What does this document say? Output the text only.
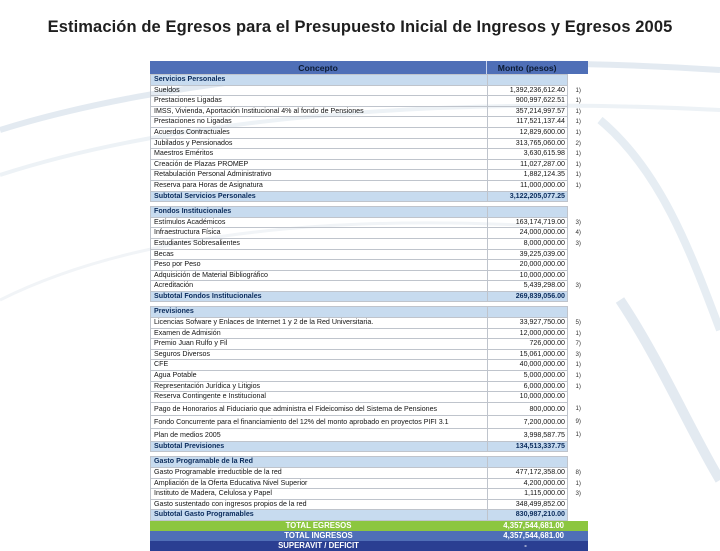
Estimación de Egresos para el Presupuesto Inicial de Ingresos y Egresos 2005
Concepto	Monto (pesos)
Servicios Personales		
Sueldos	1,392,236,612.40	1)
Prestaciones Ligadas	900,997,622.51	1)
IMSS, Vivienda, Aportación Institucional 4% al fondo de Pensiones	357,214,997.57	1)
Prestaciones no Ligadas	117,521,137.44	1)
Acuerdos Contractuales	12,829,600.00	1)
Jubilados y Pensionados	313,765,060.00	2)
Maestros Eméritos	3,630,615.98	1)
Creación de Plazas PROMEP	11,027,287.00	1)
Retabulación Personal Administrativo	1,882,124.35	1)
Reserva para Horas de Asignatura	11,000,000.00	1)
Subtotal Servicios Personales	3,122,205,077.25	

Fondos Institucionales		
Estímulos Académicos	163,174,719.00	3)
Infraestructura Física	24,000,000.00	4)
Estudiantes Sobresalientes	8,000,000.00	3)
Becas	39,225,039.00	
Peso por Peso	20,000,000.00	
Adquisición de Material Bibliográfico	10,000,000.00	
Acreditación	5,439,298.00	3)
Subtotal Fondos Institucionales	269,839,056.00	

Previsiones		
Licencias Sofware y Enlaces de Internet 1 y 2 de la Red Universitaria.	33,927,750.00	5)
Examen de Admisión	12,000,000.00	1)
Premio Juan Rulfo y Fil	726,000.00	7)
Seguros Diversos	15,061,000.00	3)
CFE	40,000,000.00	1)
Agua Potable	5,000,000.00	1)
Representación Jurídica y Litigios	6,000,000.00	1)
Reserva Contingente e Institucional	10,000,000.00	
Pago de Honorarios al Fiduciario que administra el Fideicomiso del Sistema de Pensiones	800,000.00	1)
Fondo Concurrente para el financiamiento del 12% del monto aprobado en proyectos PIFI 3.1	7,200,000.00	9)
Plan de medios 2005	3,998,587.75	1)
Subtotal Previsiones	134,513,337.75	

Gasto Programable de la Red		
Gasto Programable irreductible de la red	477,172,358.00	8)
Ampliación de la Oferta Educativa Nivel Superior	4,200,000.00	1)
Instituto de Madera, Celulosa y Papel	1,115,000.00	3)
Gasto sustentado con ingresos propios de la red	348,499,852.00	
Subtotal Gasto Programables	830,987,210.00	
TOTAL EGRESOS	4,357,544,681.00
TOTAL INGRESOS	4,357,544,681.00
SUPERAVIT / DEFICIT	-
